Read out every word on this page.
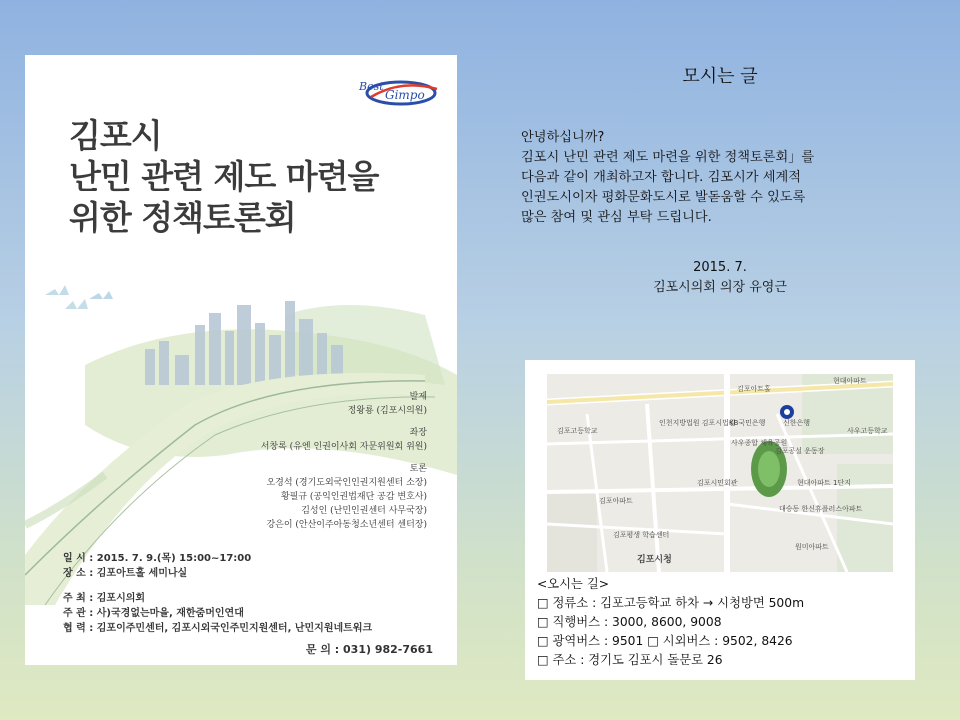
Best
Gimpo
김포시
난민 관련 제도 마련을
위한 정책토론회
발제
정왕룡 (김포시의원)
좌장
서창록 (유엔 인권이사회 자문위원회 위원)
토론
오경석 (경기도외국인인권지원센터 소장)
황필규 (공익인권법재단 공감 변호사)
김성인 (난민인권센터 사무국장)
강은이 (안산이주아동청소년센터 센터장)
일 시 : 2015. 7. 9.(목) 15:00~17:00
장 소 : 김포아트홀 세미나실
주 최 : 김포시의회
주 관 : 사)국경없는마을, 재한줌머인연대
협 력 : 김포이주민센터, 김포시외국인주민지원센터, 난민지원네트워크
문 의 : 031) 982-7661
모시는 글
안녕하십니까?
김포시 난민 관련 제도 마련을 위한 정책토론회」를
다음과 같이 개최하고자 합니다. 김포시가 세계적
인권도시이자 평화문화도시로 발돋움할 수 있도록
많은 참여 및 관심 부탁 드립니다.
2015. 7.
김포시의회 의장 유영근
김포아트홀
현대아파트
인천지방법원 김포시법원
KB국민은행	신한은행
김포고등학교
사우종합 체육공원
김포공설 운동장
김포시민회관	현대아파트 1단지
김포아파트
대승동 한신휴플러스아파트
김포평생 학습센터
원미아파트
사우고등학교
김포시청
<오시는 길>
□ 정류소 : 김포고등학교 하차 → 시청방면 500m
□ 직행버스 : 3000, 8600, 9008
□ 광역버스 : 9501 □ 시외버스 : 9502, 8426
□ 주소 : 경기도 김포시 돌문로 26
